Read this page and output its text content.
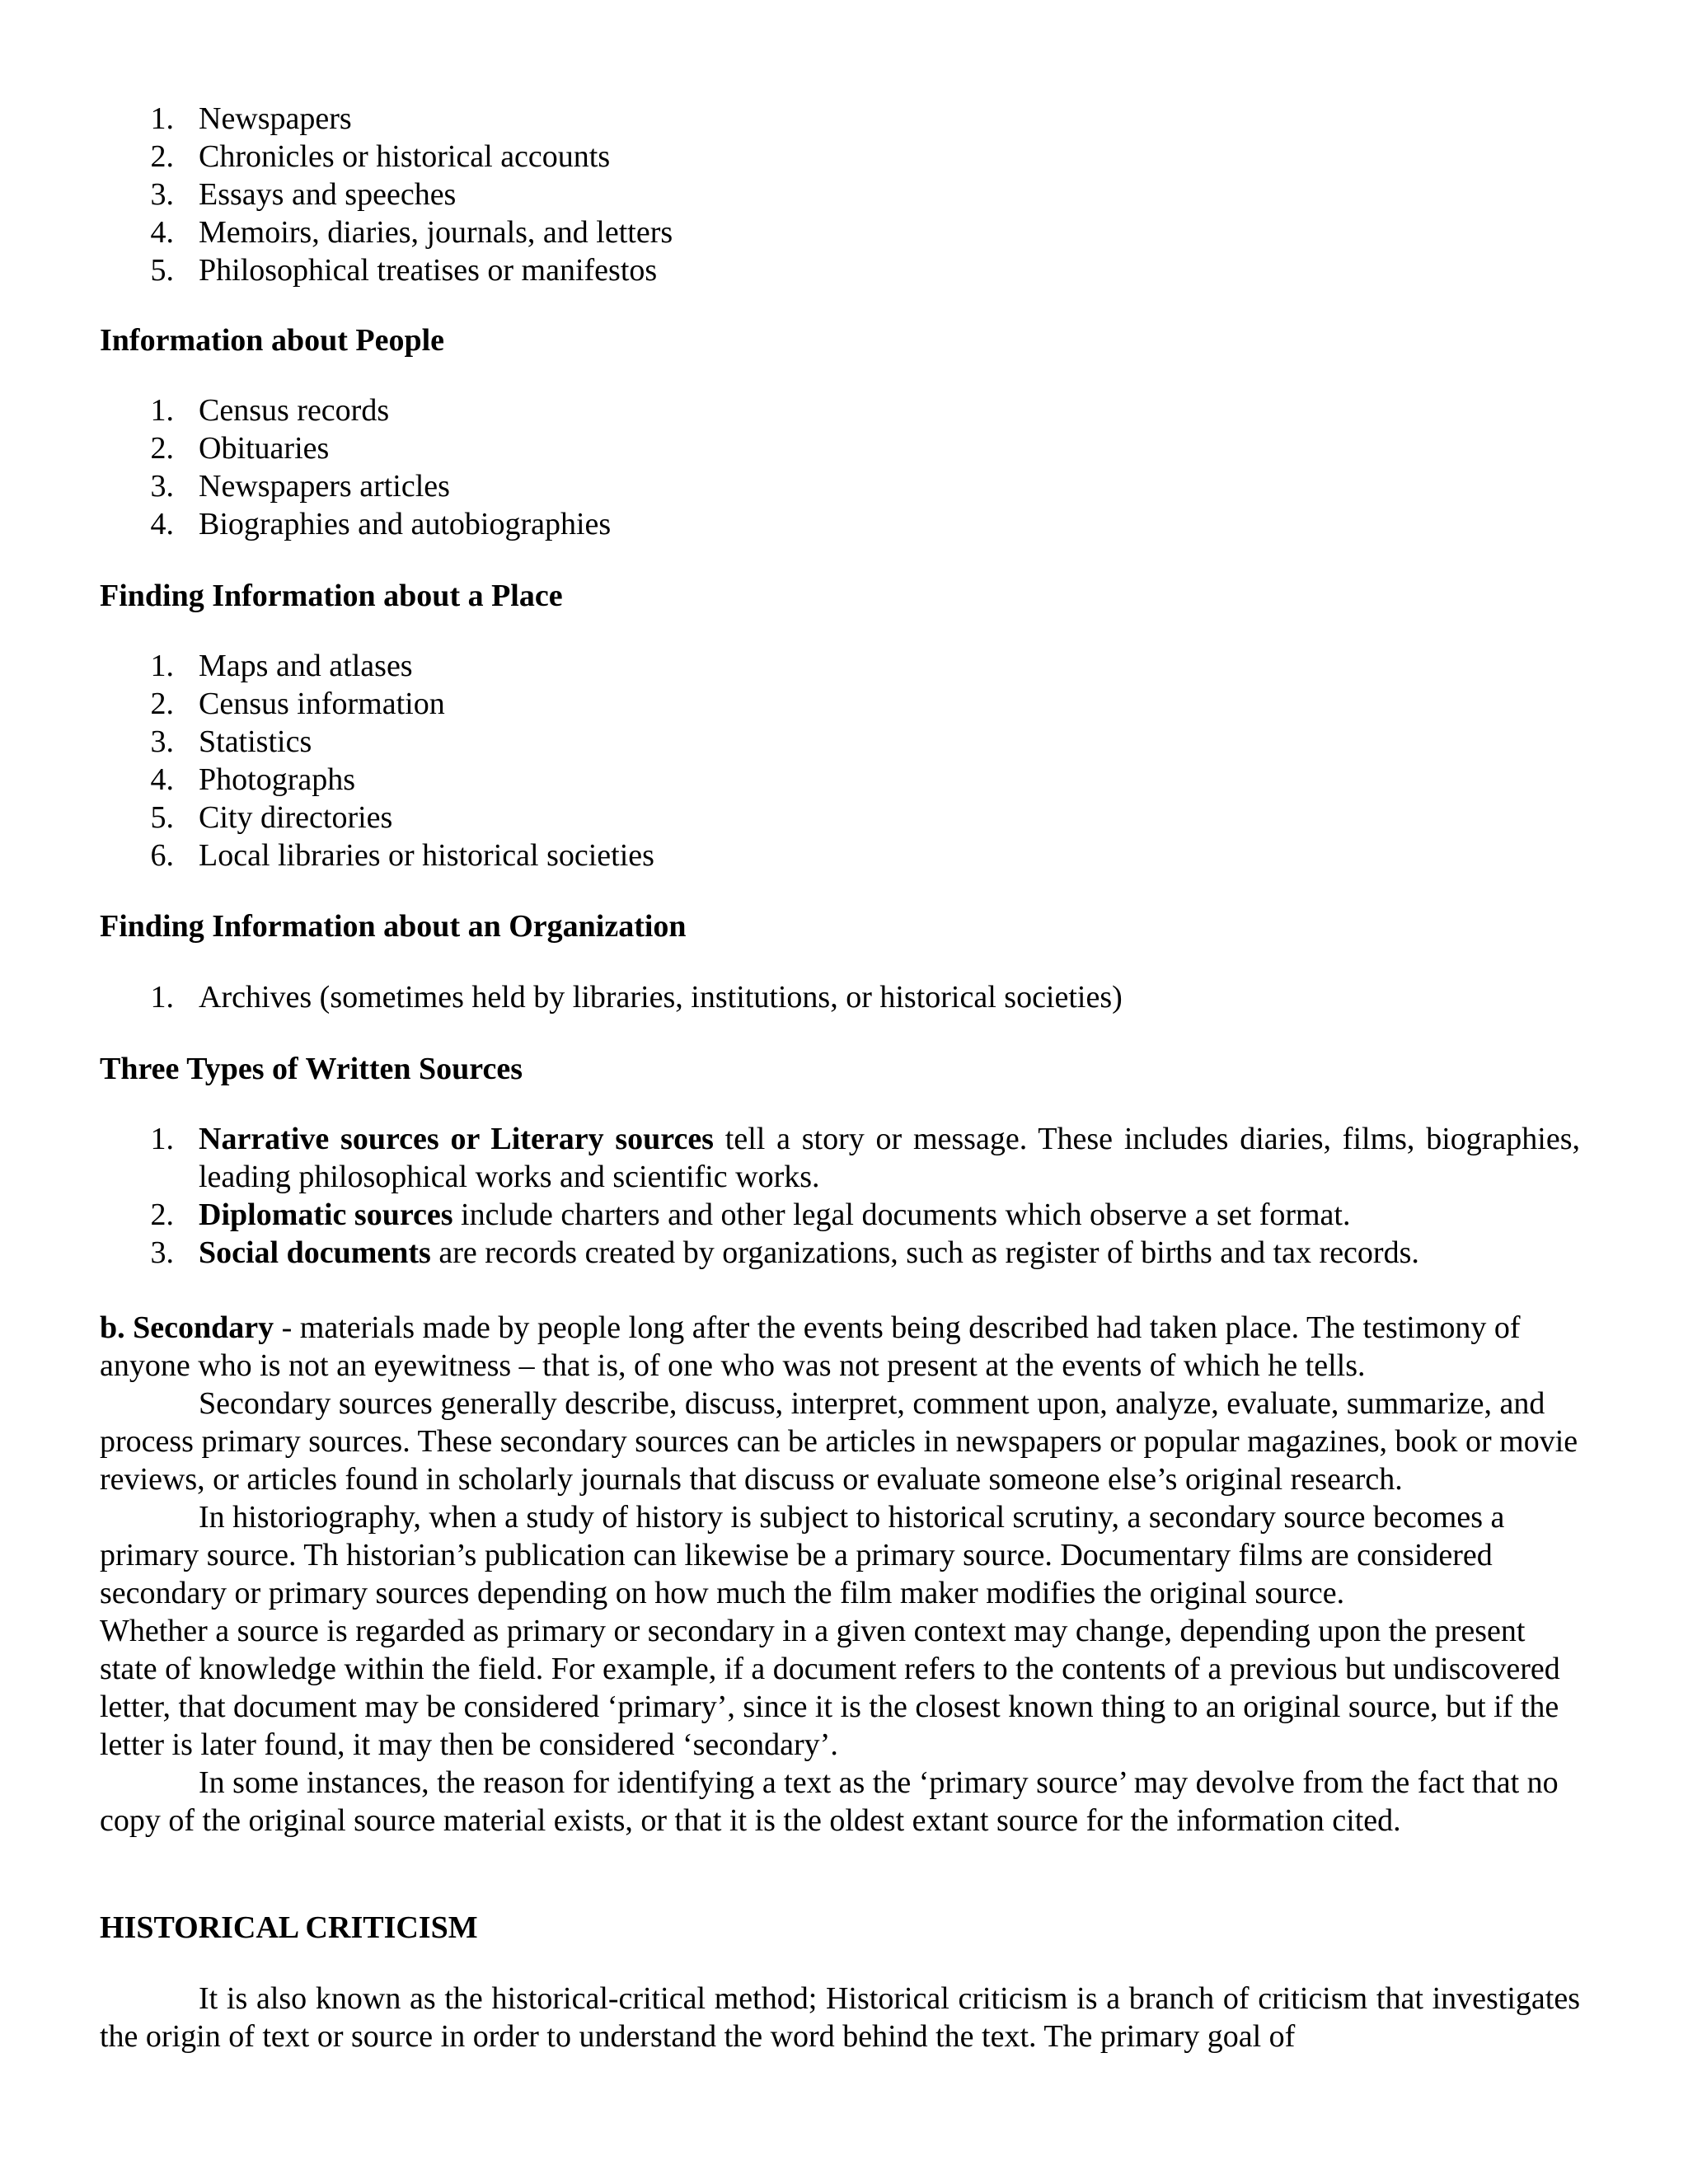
1. Newspapers
2. Chronicles or historical accounts
3. Essays and speeches
4. Memoirs, diaries, journals, and letters
5. Philosophical treatises or manifestos
Information about People
1. Census records
2. Obituaries
3. Newspapers articles
4. Biographies and autobiographies
Finding Information about a Place
1. Maps and atlases
2. Census information
3. Statistics
4. Photographs
5. City directories
6. Local libraries or historical societies
Finding Information about an Organization
1. Archives (sometimes held by libraries, institutions, or historical societies)
Three Types of Written Sources
1. Narrative sources or Literary sources tell a story or message. These includes diaries, films, biographies, leading philosophical works and scientific works.
2. Diplomatic sources include charters and other legal documents which observe a set format.
3. Social documents are records created by organizations, such as register of births and tax records.

b. Secondary - materials made by people long after the events being described had taken place. The testimony of anyone who is not an eyewitness – that is, of one who was not present at the events of which he tells.

Secondary sources generally describe, discuss, interpret, comment upon, analyze, evaluate, summarize, and process primary sources. These secondary sources can be articles in newspapers or popular magazines, book or movie reviews, or articles found in scholarly journals that discuss or evaluate someone else’s original research.

In historiography, when a study of history is subject to historical scrutiny, a secondary source becomes a primary source. Th historian’s publication can likewise be a primary source. Documentary films are considered secondary or primary sources depending on how much the film maker modifies the original source.

Whether a source is regarded as primary or secondary in a given context may change, depending upon the present state of knowledge within the field. For example, if a document refers to the contents of a previous but undiscovered letter, that document may be considered ‘primary’, since it is the closest known thing to an original source, but if the letter is later found, it may then be considered ‘secondary’.

In some instances, the reason for identifying a text as the ‘primary source’ may devolve from the fact that no copy of the original source material exists, or that it is the oldest extant source for the information cited.

HISTORICAL CRITICISM

It is also known as the historical-critical method; Historical criticism is a branch of criticism that investigates the origin of text or source in order to understand the word behind the text. The primary goal of
